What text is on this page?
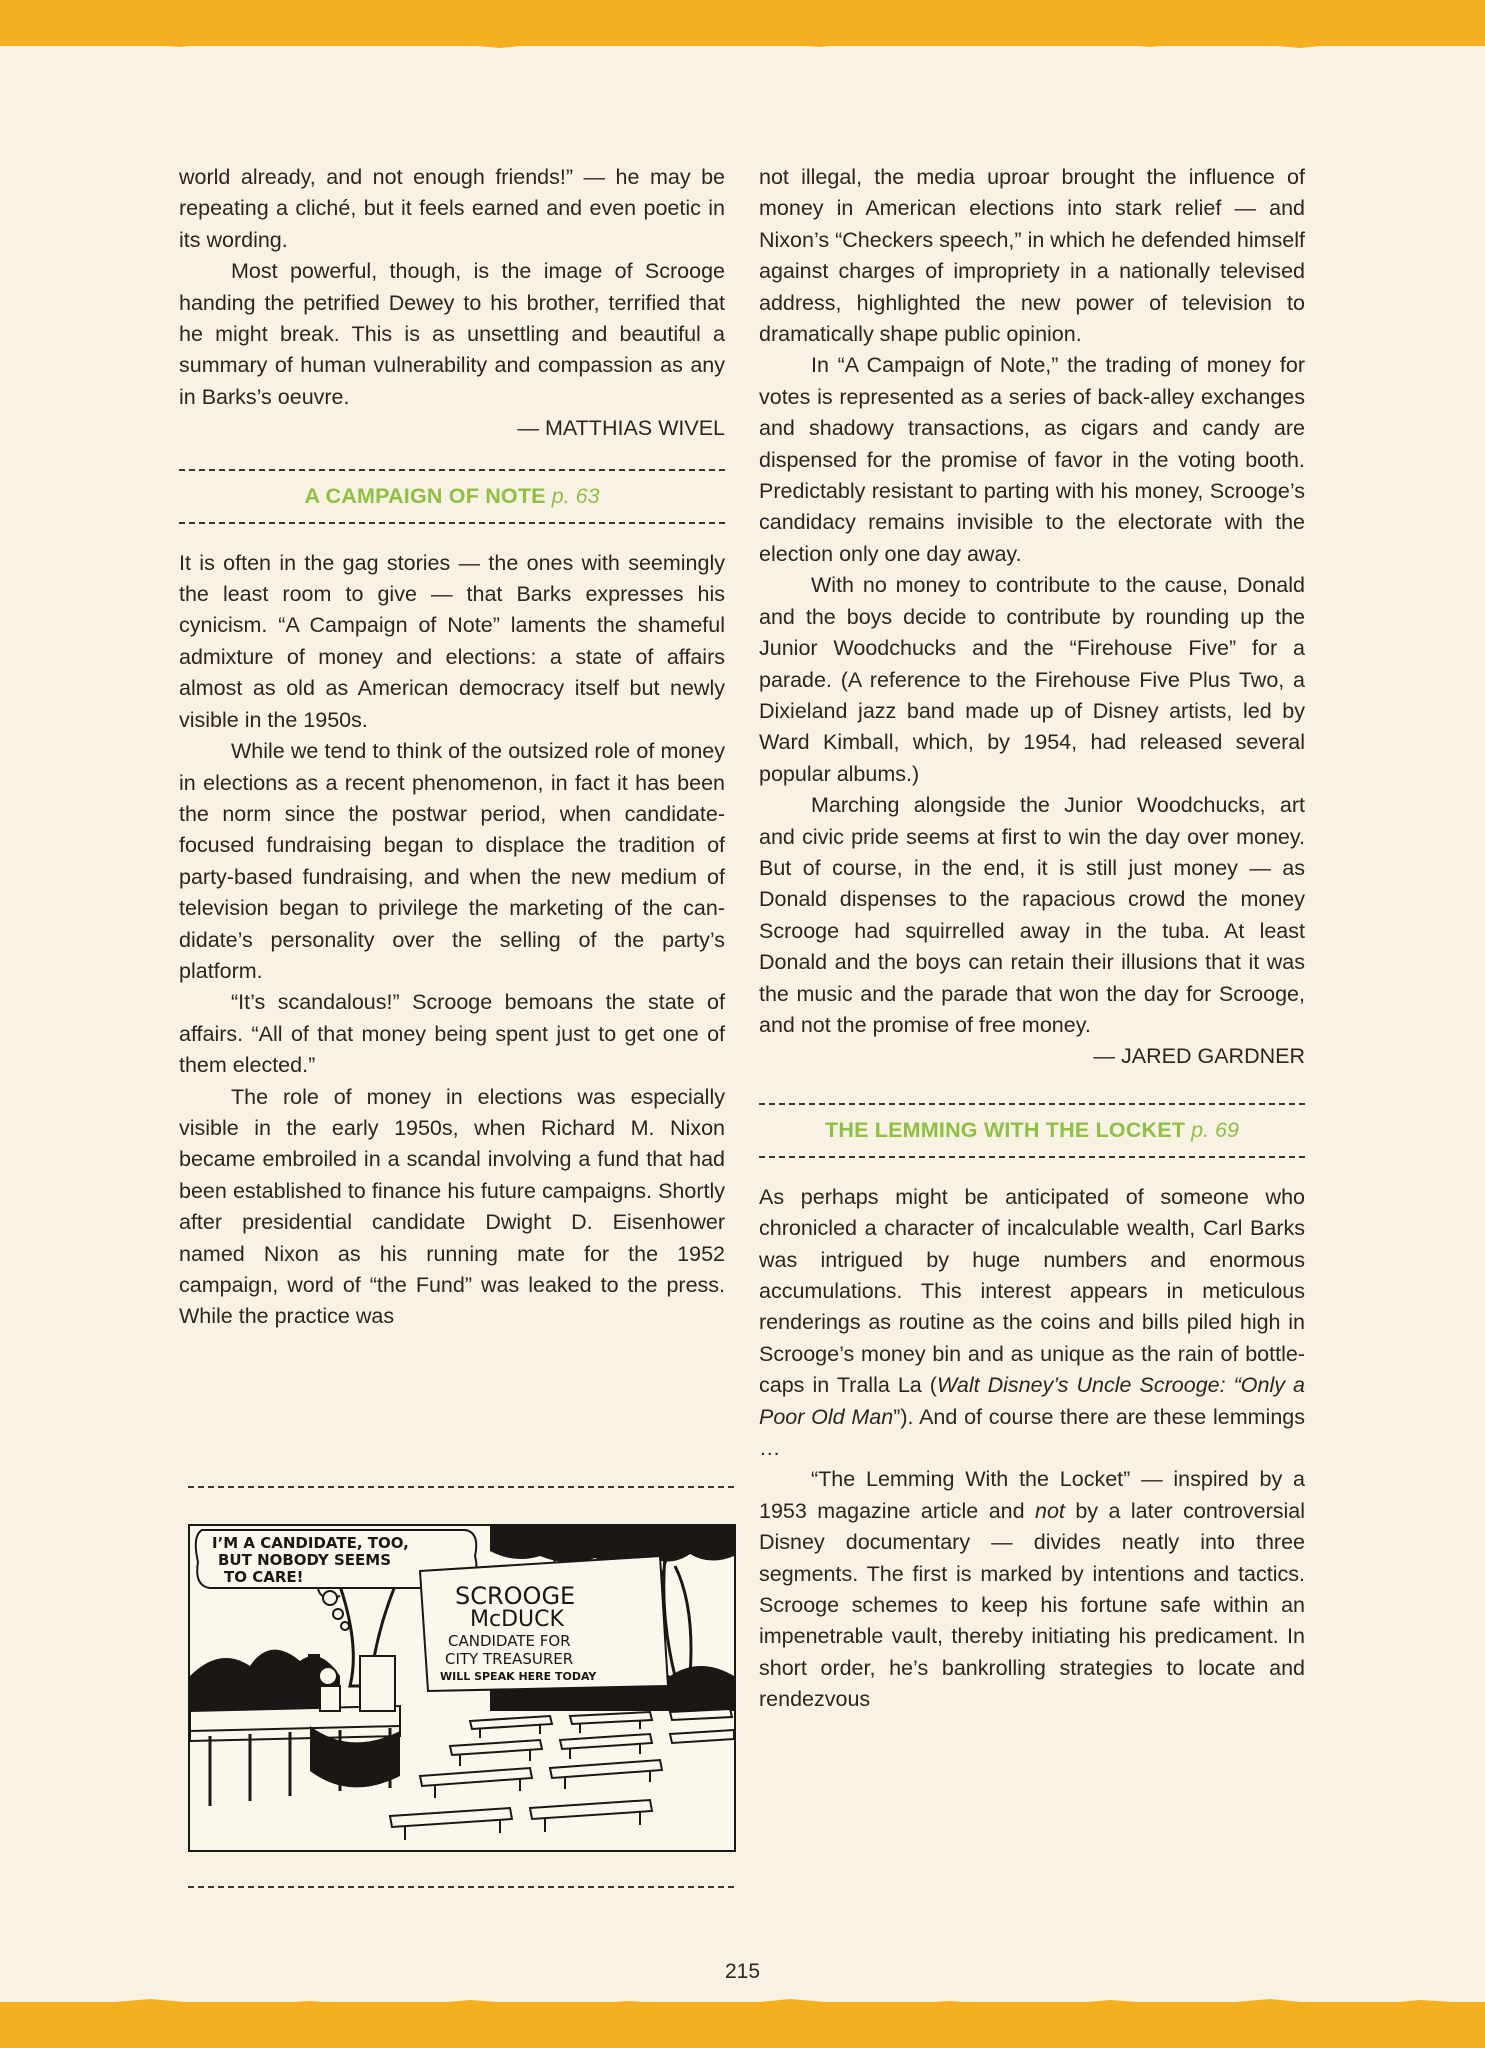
world already, and not enough friends!” — he may be repeating a cliché, but it feels earned and even poetic in its wording.

Most powerful, though, is the image of Scrooge handing the petrified Dewey to his brother, terrified that he might break. This is as unsettling and beautiful a summary of human vulnerability and compassion as any in Barks’s oeuvre.

— MATTHIAS WIVEL

A CAMPAIGN OF NOTE p. 63

It is often in the gag stories — the ones with seemingly the least room to give — that Barks expresses his cynicism. “A Campaign of Note” laments the shameful admixture of money and elections: a state of affairs almost as old as American democracy itself but newly visible in the 1950s.

While we tend to think of the outsized role of money in elections as a recent phenomenon, in fact it has been the norm since the postwar period, when candidate-focused fundraising began to displace the tradition of party-based fundraising, and when the new medium of television began to privilege the marketing of the candidate’s personality over the selling of the party’s platform.

“It’s scandalous!” Scrooge bemoans the state of affairs. “All of that money being spent just to get one of them elected.”

The role of money in elections was especially visible in the early 1950s, when Richard M. Nixon became embroiled in a scandal involving a fund that had been established to finance his future campaigns. Shortly after presidential candidate Dwight D. Eisenhower named Nixon as his running mate for the 1952 campaign, word of “the Fund” was leaked to the press. While the practice was

not illegal, the media uproar brought the influence of money in American elections into stark relief — and Nixon’s “Checkers speech,” in which he defended himself against charges of impropriety in a nationally televised address, highlighted the new power of television to dramatically shape public opinion.

In “A Campaign of Note,” the trading of money for votes is represented as a series of back-alley exchanges and shadowy transactions, as cigars and candy are dispensed for the promise of favor in the voting booth. Predictably resistant to parting with his money, Scrooge’s candidacy remains invisible to the electorate with the election only one day away.

With no money to contribute to the cause, Donald and the boys decide to contribute by rounding up the Junior Woodchucks and the “Firehouse Five” for a parade. (A reference to the Firehouse Five Plus Two, a Dixieland jazz band made up of Disney artists, led by Ward Kimball, which, by 1954, had released several popular albums.)

Marching alongside the Junior Woodchucks, art and civic pride seems at first to win the day over money. But of course, in the end, it is still just money — as Donald dispenses to the rapacious crowd the money Scrooge had squirrelled away in the tuba. At least Donald and the boys can retain their illusions that it was the music and the parade that won the day for Scrooge, and not the promise of free money.

— JARED GARDNER

THE LEMMING WITH THE LOCKET p. 69

As perhaps might be anticipated of someone who chronicled a character of incalculable wealth, Carl Barks was intrigued by huge numbers and enormous accumulations. This interest appears in meticulous renderings as routine as the coins and bills piled high in Scrooge’s money bin and as unique as the rain of bottlecaps in Tralla La (Walt Disney’s Uncle Scrooge: “Only a Poor Old Man”). And of course there are these lemmings …

“The Lemming With the Locket” — inspired by a 1953 magazine article and not by a later controversial Disney documentary — divides neatly into three segments. The first is marked by intentions and tactics. Scrooge schemes to keep his fortune safe within an impenetrable vault, thereby initiating his predicament. In short order, he’s bankrolling strategies to locate and rendezvous

I’M A CANDIDATE, TOO,
BUT NOBODY SEEMS
TO CARE!
SCROOGE
McDUCK
CANDIDATE FOR
CITY TREASURER
WILL SPEAK HERE TODAY
215
